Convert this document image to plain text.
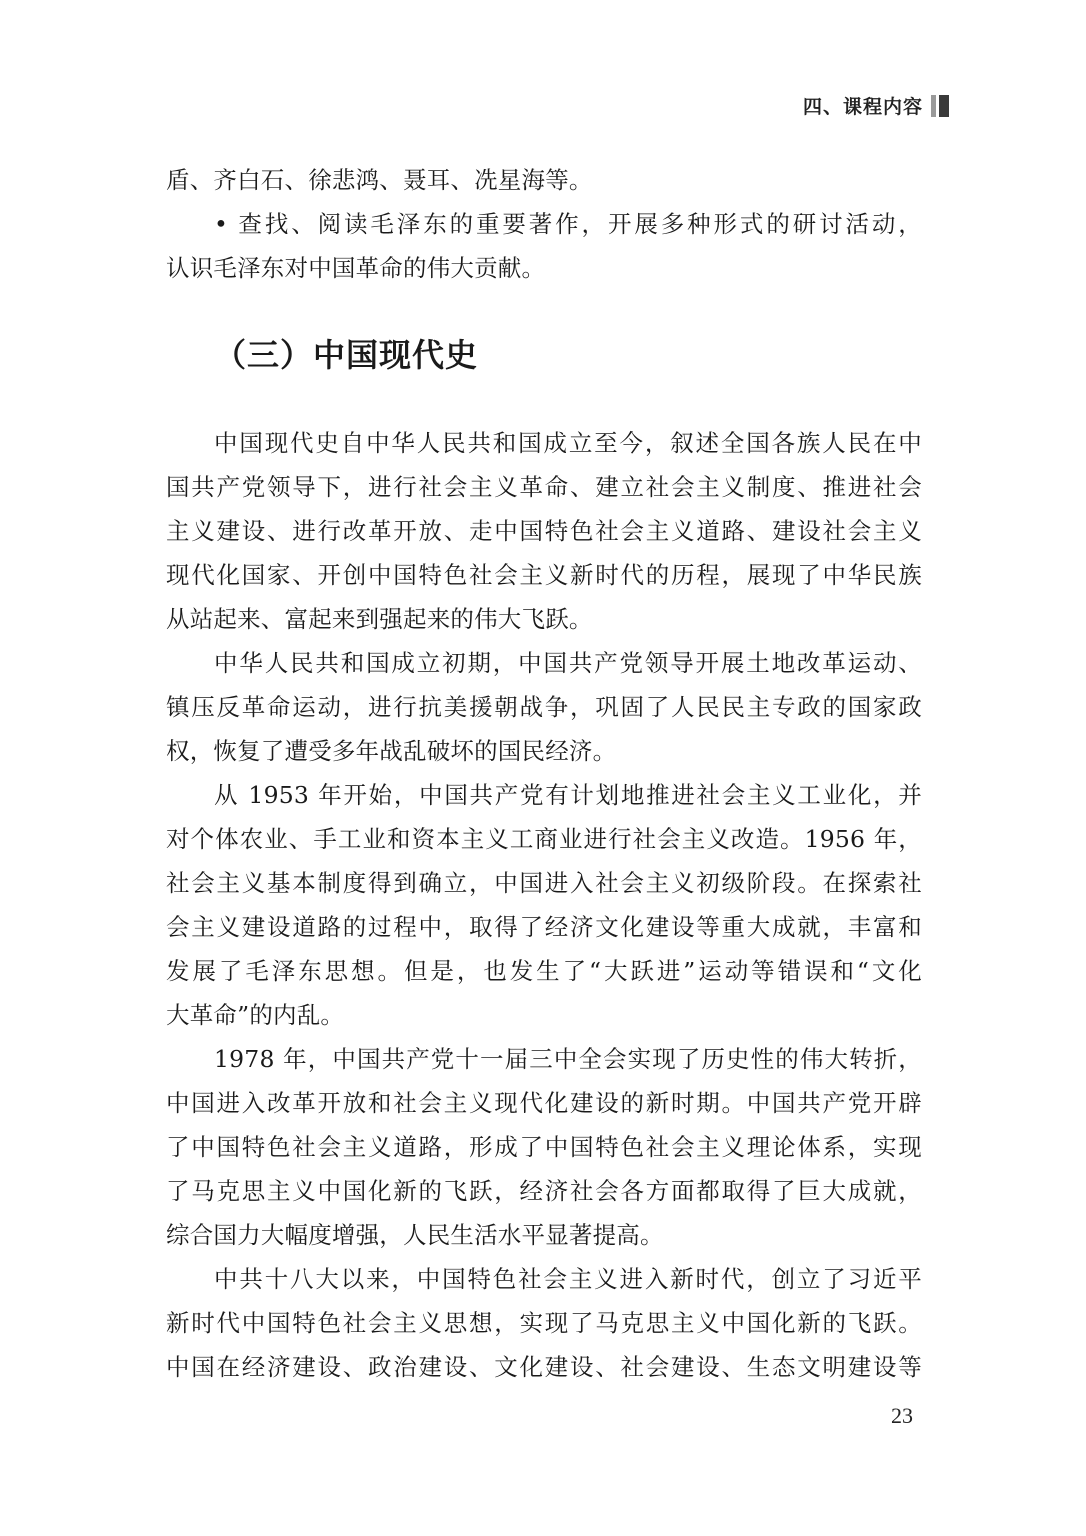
四、课程内容
盾、齐白石、徐悲鸿、聂耳、冼星海等。
• 查找、阅读毛泽东的重要著作，开展多种形式的研讨活动，
认识毛泽东对中国革命的伟大贡献。
（三）中国现代史
中国现代史自中华人民共和国成立至今，叙述全国各族人民在中
国共产党领导下，进行社会主义革命、建立社会主义制度、推进社会
主义建设、进行改革开放、走中国特色社会主义道路、建设社会主义
现代化国家、开创中国特色社会主义新时代的历程，展现了中华民族
从站起来、富起来到强起来的伟大飞跃。
中华人民共和国成立初期，中国共产党领导开展土地改革运动、
镇压反革命运动，进行抗美援朝战争，巩固了人民民主专政的国家政
权，恢复了遭受多年战乱破坏的国民经济。
从 1953 年开始，中国共产党有计划地推进社会主义工业化，并
对个体农业、手工业和资本主义工商业进行社会主义改造。1956 年，
社会主义基本制度得到确立，中国进入社会主义初级阶段。在探索社
会主义建设道路的过程中，取得了经济文化建设等重大成就，丰富和
发展了毛泽东思想。但是，也发生了“大跃进”运动等错误和“文化
大革命”的内乱。
1978 年，中国共产党十一届三中全会实现了历史性的伟大转折，
中国进入改革开放和社会主义现代化建设的新时期。中国共产党开辟
了中国特色社会主义道路，形成了中国特色社会主义理论体系，实现
了马克思主义中国化新的飞跃，经济社会各方面都取得了巨大成就，
综合国力大幅度增强，人民生活水平显著提高。
中共十八大以来，中国特色社会主义进入新时代，创立了习近平
新时代中国特色社会主义思想，实现了马克思主义中国化新的飞跃。
中国在经济建设、政治建设、文化建设、社会建设、生态文明建设等
23
